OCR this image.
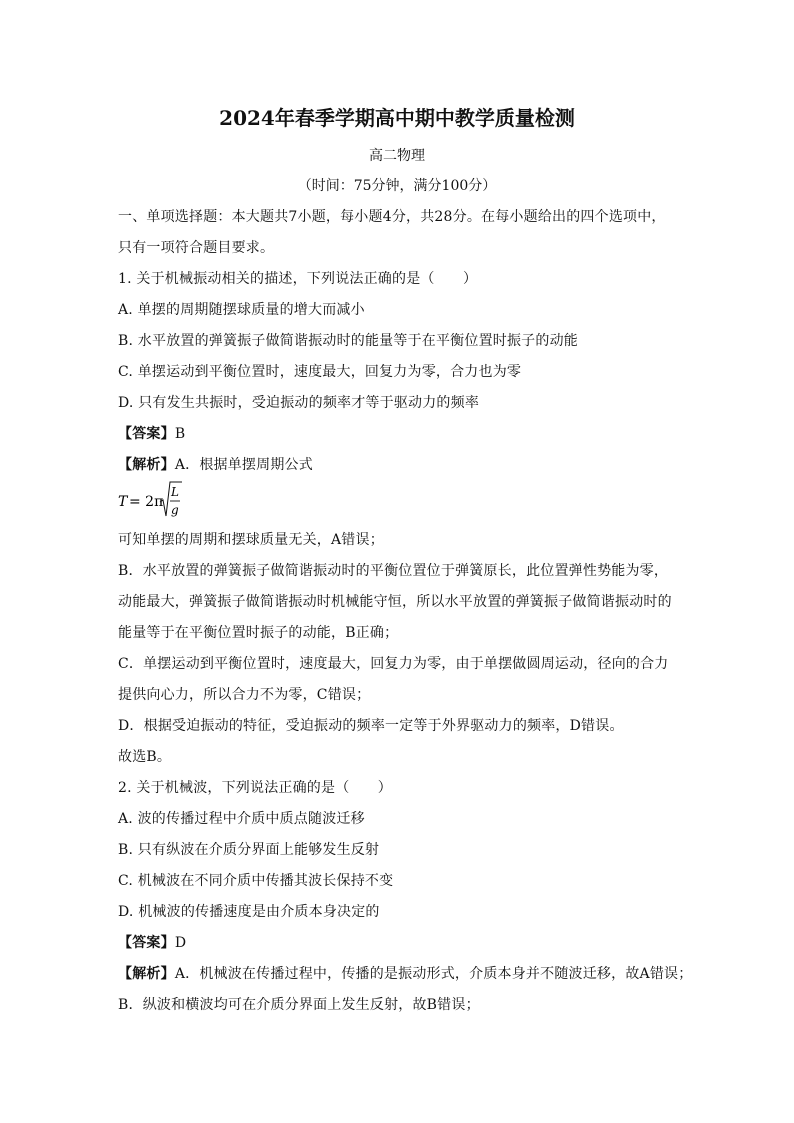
2024年春季学期高中期中教学质量检测
高二物理
（时间：75分钟，满分100分）
一、单项选择题：本大题共7小题，每小题4分，共28分。在每小题给出的四个选项中，
只有一项符合题目要求。
1. 关于机械振动相关的描述，下列说法正确的是（　　）
A. 单摆的周期随摆球质量的增大而减小
B. 水平放置的弹簧振子做简谐振动时的能量等于在平衡位置时振子的动能
C. 单摆运动到平衡位置时，速度最大，回复力为零，合力也为零
D. 只有发生共振时，受迫振动的频率才等于驱动力的频率
【答案】B
【解析】A．根据单摆周期公式
T = 2π
L
g
可知单摆的周期和摆球质量无关，A错误；
B．水平放置的弹簧振子做简谐振动时的平衡位置位于弹簧原长，此位置弹性势能为零，
动能最大，弹簧振子做简谐振动时机械能守恒，所以水平放置的弹簧振子做简谐振动时的
能量等于在平衡位置时振子的动能，B正确；
C．单摆运动到平衡位置时，速度最大，回复力为零，由于单摆做圆周运动，径向的合力
提供向心力，所以合力不为零，C错误；
D．根据受迫振动的特征，受迫振动的频率一定等于外界驱动力的频率，D错误。
故选B。
2. 关于机械波，下列说法正确的是（　　）
A. 波的传播过程中介质中质点随波迁移
B. 只有纵波在介质分界面上能够发生反射
C. 机械波在不同介质中传播其波长保持不变
D. 机械波的传播速度是由介质本身决定的
【答案】D
【解析】A．机械波在传播过程中，传播的是振动形式，介质本身并不随波迁移，故A错误；
B．纵波和横波均可在介质分界面上发生反射，故B错误；
